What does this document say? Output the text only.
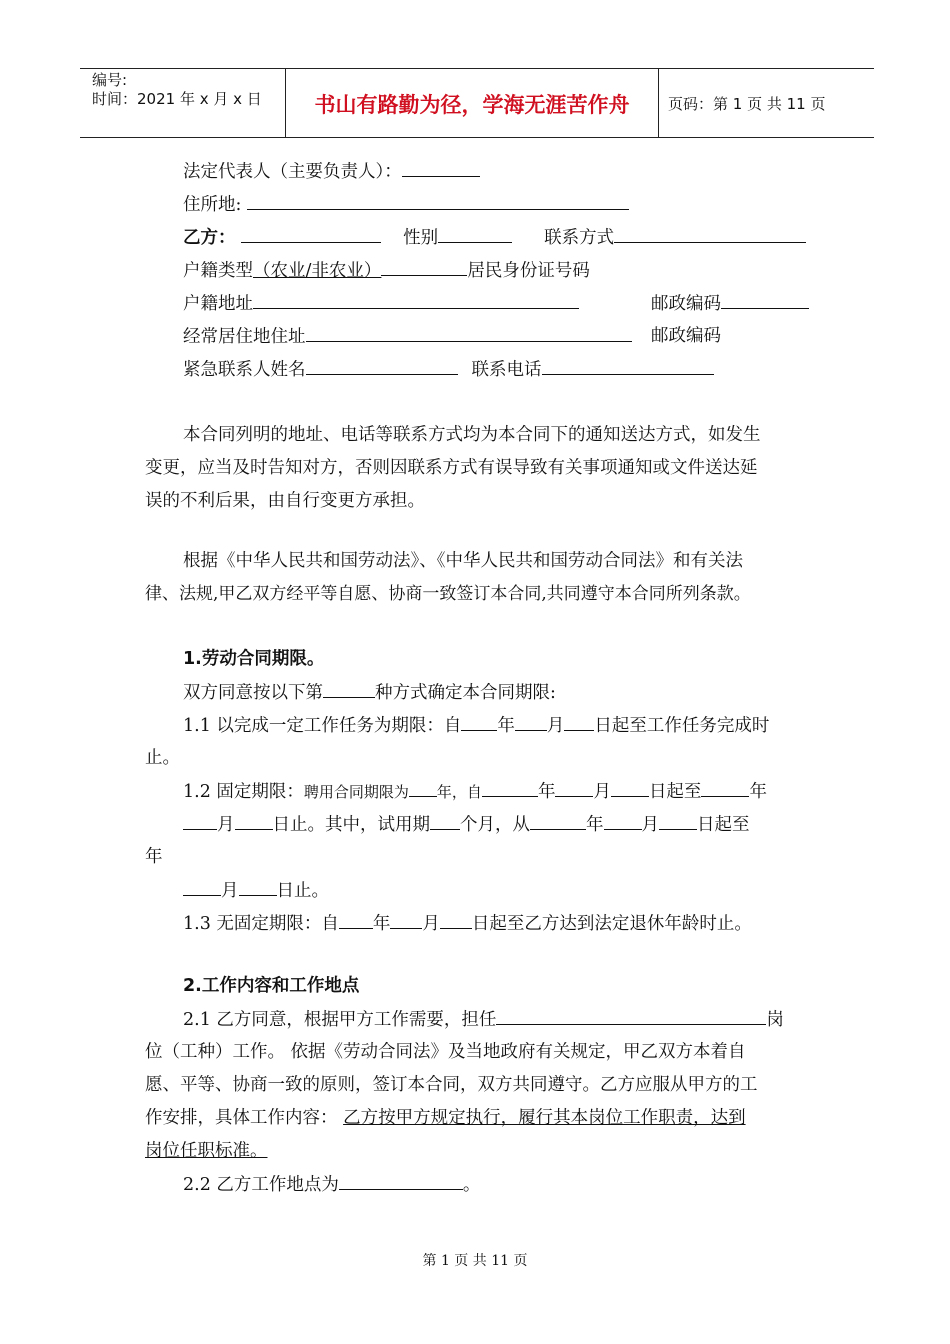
编号:
时间：2021 年 x 月 x 日	书山有路勤为径，学海无涯苦作舟	页码：第 1 页 共 11 页
法定代表人（主要负责人）：
住所地:
乙方：	性别	联系方式
户籍类型（农业/非农业）	居民身份证号码
户籍地址	邮政编码
经常居住地住址	邮政编码
紧急联系人姓名	联系电话
本合同列明的地址、电话等联系方式均为本合同下的通知送达方式，如发生
变更，应当及时告知对方，否则因联系方式有误导致有关事项通知或文件送达延
误的不利后果，由自行变更方承担。
根据《中华人民共和国劳动法》、《中华人民共和国劳动合同法》和有关法
律、法规,甲乙双方经平等自愿、协商一致签订本合同,共同遵守本合同所列条款。
1.劳动合同期限。
双方同意按以下第	种方式确定本合同期限:
1.1 以完成一定工作任务为期限：自 年 月 日起至工作任务完成时
止。
1.2 固定期限：聘用合同期限为 年，自	年 月 日起至	年
月 日止。其中，试用期 个月，从	年 月 日起至
年
月 日止。
1.3 无固定期限：自 年 月 日起至乙方达到法定退休年龄时止。
2.工作内容和工作地点
2.1 乙方同意，根据甲方工作需要，担任	岗
位（工种）工作。 依据《劳动合同法》及当地政府有关规定，甲乙双方本着自
愿、平等、协商一致的原则，签订本合同，双方共同遵守。乙方应服从甲方的工
作安排，具体工作内容： 乙方按甲方规定执行，履行其本岗位工作职责，达到
岗位任职标准。
2.2 乙方工作地点为	。
第 1 页 共 11 页
